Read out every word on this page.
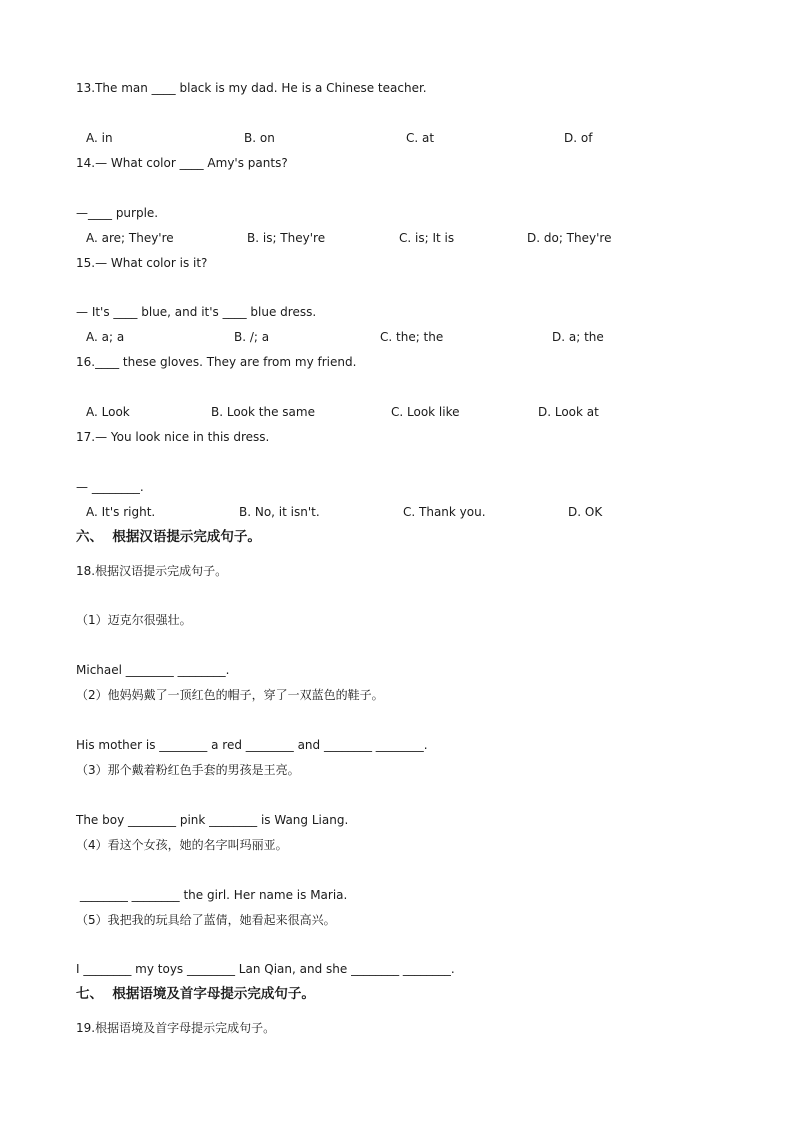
13.The man ____ black is my dad. He is a Chinese teacher.
A. in	B. on	C. at	D. of
14.— What color ____ Amy's pants?
—____ purple.
A. are; They're	B. is; They're	C. is; It is	D. do; They're
15.— What color is it?
— It's ____ blue, and it's ____ blue dress.
A. a; a	B. /; a	C. the; the	D. a; the
16.____ these gloves. They are from my friend.
A. Look	B. Look the same	C. Look like	D. Look at
17.— You look nice in this dress.
— ________.
A. It's right.	B. No, it isn't.	C. Thank you.	D. OK
六、  根据汉语提示完成句子。
18.根据汉语提示完成句子。
（1）迈克尔很强壮。
Michael ________ ________.
（2）他妈妈戴了一顶红色的帽子，穿了一双蓝色的鞋子。
His mother is ________ a red ________ and ________ ________.
（3）那个戴着粉红色手套的男孩是王亮。
The boy ________ pink ________ is Wang Liang.
（4）看这个女孩，她的名字叫玛丽亚。
________ ________ the girl. Her name is Maria.
（5）我把我的玩具给了蓝倩，她看起来很高兴。
I ________ my toys ________ Lan Qian, and she ________ ________.
七、  根据语境及首字母提示完成句子。
19.根据语境及首字母提示完成句子。
